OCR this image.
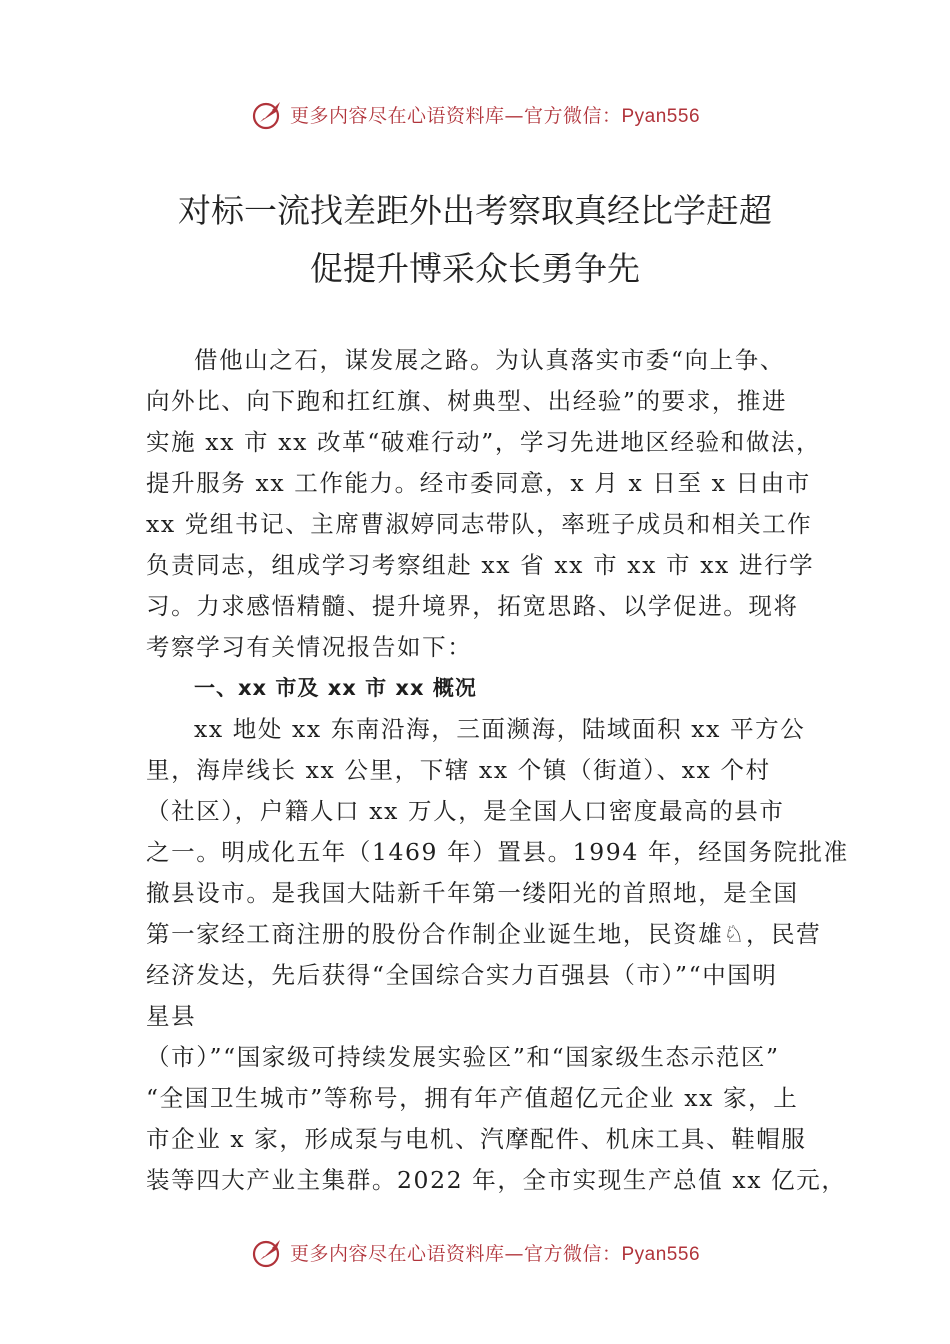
更多内容尽在心语资料库—官方微信：Pyan556
对标一流找差距外出考察取真经比学赶超
促提升博采众长勇争先
借他山之石，谋发展之路。为认真落实市委“向上争、
向外比、向下跑和扛红旗、树典型、出经验”的要求，推进
实施 xx 市 xx 改革“破难行动”，学习先进地区经验和做法，
提升服务 xx 工作能力。经市委同意，x 月 x 日至 x 日由市
xx 党组书记、主席曹淑婷同志带队，率班子成员和相关工作
负责同志，组成学习考察组赴 xx 省 xx 市 xx 市 xx 进行学
习。力求感悟精髓、提升境界，拓宽思路、以学促进。现将
考察学习有关情况报告如下：
一、xx 市及 xx 市 xx 概况
xx 地处 xx 东南沿海，三面濒海，陆域面积 xx 平方公
里，海岸线长 xx 公里，下辖 xx 个镇（街道）、xx 个村
（社区），户籍人口 xx 万人，是全国人口密度最高的县市
之一。明成化五年（1469 年）置县。1994 年，经国务院批准
撤县设市。是我国大陆新千年第一缕阳光的首照地，是全国
第一家经工商注册的股份合作制企业诞生地，民资雄♘，民营
经济发达，先后获得“全国综合实力百强县（市）”“中国明
星县
（市）”“国家级可持续发展实验区”和“国家级生态示范区”
“全国卫生城市”等称号，拥有年产值超亿元企业 xx 家，上
市企业 x 家，形成泵与电机、汽摩配件、机床工具、鞋帽服
装等四大产业主集群。2022 年，全市实现生产总值 xx 亿元，
更多内容尽在心语资料库—官方微信：Pyan556
